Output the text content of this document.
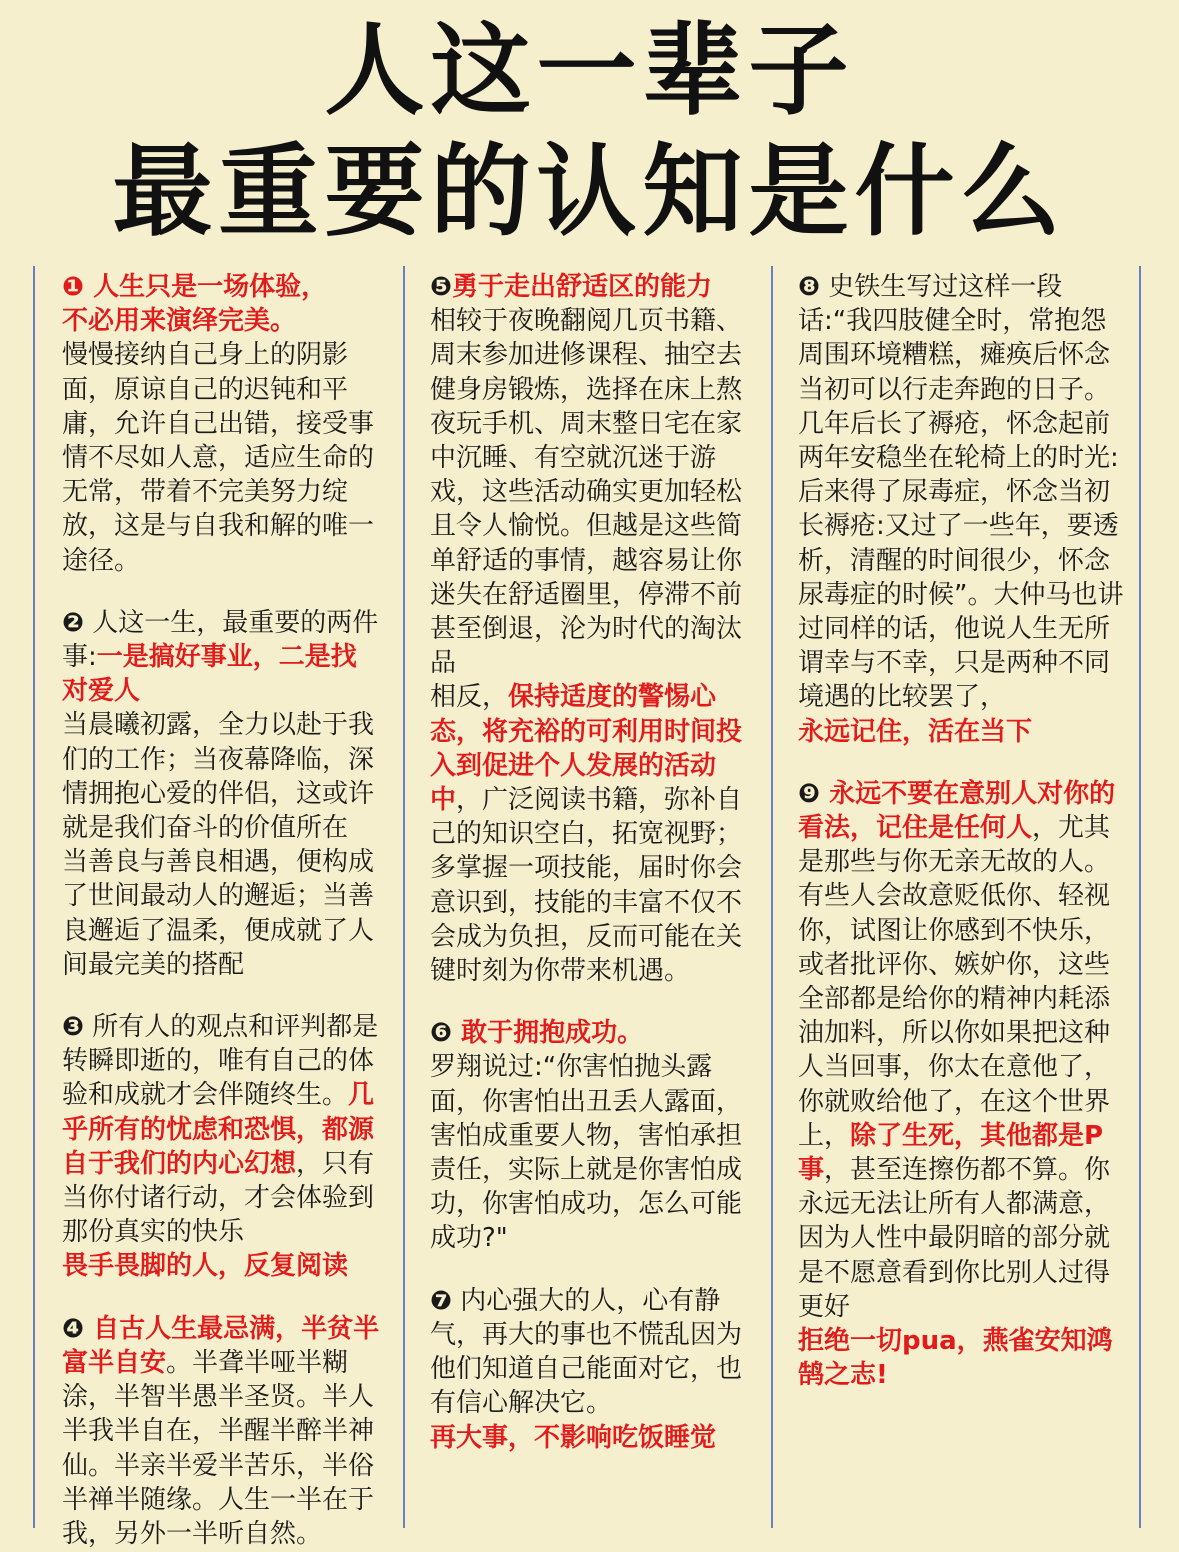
人这一辈子
最重要的认知是什么

❶ 人生只是一场体验，

不必用来演绎完美。

慢慢接纳自己身上的阴影面，原谅自己的迟钝和平庸，允许自己出错，接受事情不尽如人意，适应生命的无常，带着不完美努力绽放，这是与自我和解的唯一途径。

❷ 人这一生，最重要的两件事:一是搞好事业，二是找对爱人

当晨曦初露，全力以赴于我们的工作；当夜幕降临，深情拥抱心爱的伴侣，这或许就是我们奋斗的价值所在

当善良与善良相遇，便构成了世间最动人的邂逅；当善良邂逅了温柔，便成就了人间最完美的搭配

❸ 所有人的观点和评判都是转瞬即逝的，唯有自己的体验和成就才会伴随终生。几乎所有的忧虑和恐惧，都源自于我们的内心幻想，只有当你付诸行动，才会体验到那份真实的快乐

畏手畏脚的人，反复阅读

❹ 自古人生最忌满，半贫半富半自安。半聋半哑半糊涂，半智半愚半圣贤。半人半我半自在，半醒半醉半神仙。半亲半爱半苦乐，半俗半禅半随缘。人生一半在于我，另外一半听自然。

❺勇于走出舒适区的能力

相较于夜晚翻阅几页书籍、周末参加进修课程、抽空去健身房锻炼，选择在床上熬夜玩手机、周末整日宅在家中沉睡、有空就沉迷于游戏，这些活动确实更加轻松且令人愉悦。但越是这些简单舒适的事情，越容易让你迷失在舒适圈里，停滞不前甚至倒退，沦为时代的淘汰品

相反，保持适度的警惕心态，将充裕的可利用时间投入到促进个人发展的活动中，广泛阅读书籍，弥补自己的知识空白，拓宽视野；多掌握一项技能，届时你会意识到，技能的丰富不仅不会成为负担，反而可能在关键时刻为你带来机遇。

❻ 敢于拥抱成功。

罗翔说过:“你害怕抛头露面，你害怕出丑丢人露面，害怕成重要人物，害怕承担责任，实际上就是你害怕成功，你害怕成功，怎么可能成功?"

❼ 内心强大的人，心有静气，再大的事也不慌乱因为他们知道自己能面对它，也有信心解决它。

再大事，不影响吃饭睡觉

❽ 史铁生写过这样一段话:“我四肢健全时，常抱怨周围环境糟糕，瘫痪后怀念当初可以行走奔跑的日子。

几年后长了褥疮，怀念起前两年安稳坐在轮椅上的时光:后来得了尿毒症，怀念当初长褥疮:又过了一些年，要透析，清醒的时间很少，怀念尿毒症的时候”。大仲马也讲过同样的话，他说人生无所谓幸与不幸，只是两种不同境遇的比较罢了，

永远记住，活在当下

❾ 永远不要在意别人对你的看法，记住是任何人，尤其是那些与你无亲无故的人。有些人会故意贬低你、轻视你，试图让你感到不快乐，或者批评你、嫉妒你，这些全部都是给你的精神内耗添油加料，所以你如果把这种人当回事，你太在意他了，你就败给他了，在这个世界上，除了生死，其他都是P事，甚至连擦伤都不算。你永远无法让所有人都满意，因为人性中最阴暗的部分就是不愿意看到你比别人过得更好

拒绝一切pua，燕雀安知鸿鹄之志!
